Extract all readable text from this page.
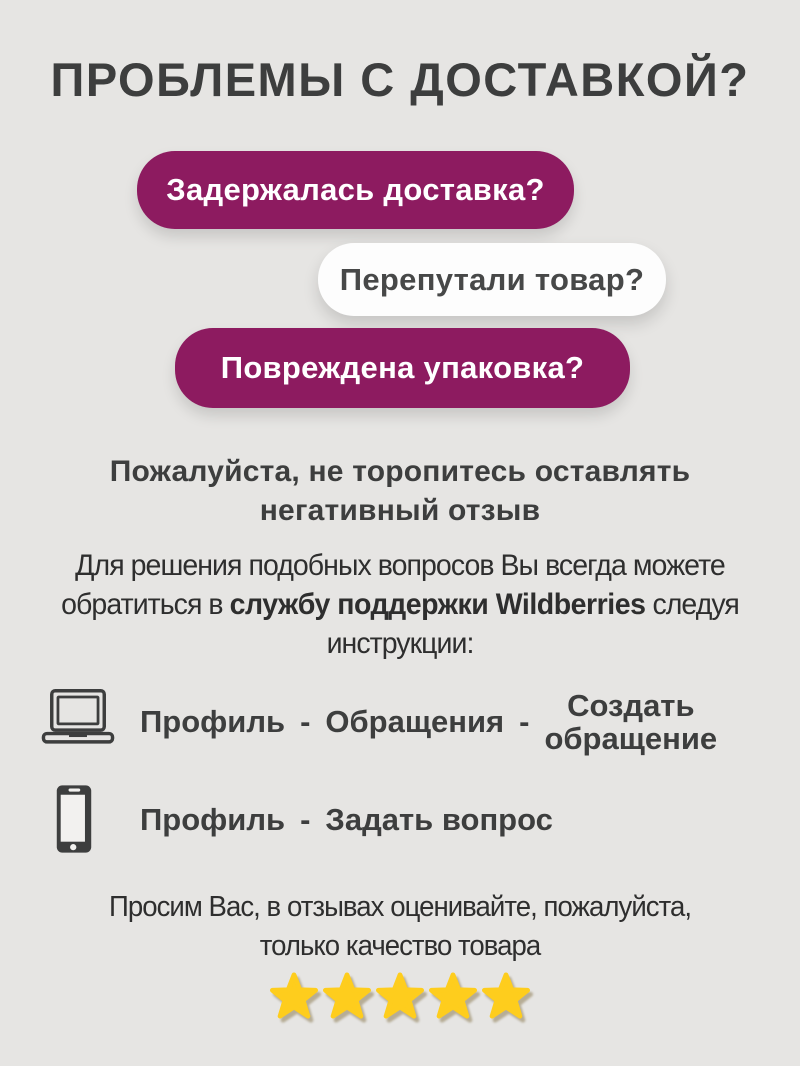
ПРОБЛЕМЫ С ДОСТАВКОЙ?
Задержалась доставка?
Перепутали товар?
Повреждена упаковка?
Пожалуйста, не торопитесь оставлять
негативный отзыв
Для решения подобных вопросов Вы всегда можете
обратиться в службу поддержки Wildberries следуя
инструкции:
Профиль - Обращения - Создать
обращение
Профиль - Задать вопрос
Просим Вас, в отзывах оценивайте, пожалуйста,
только качество товара
